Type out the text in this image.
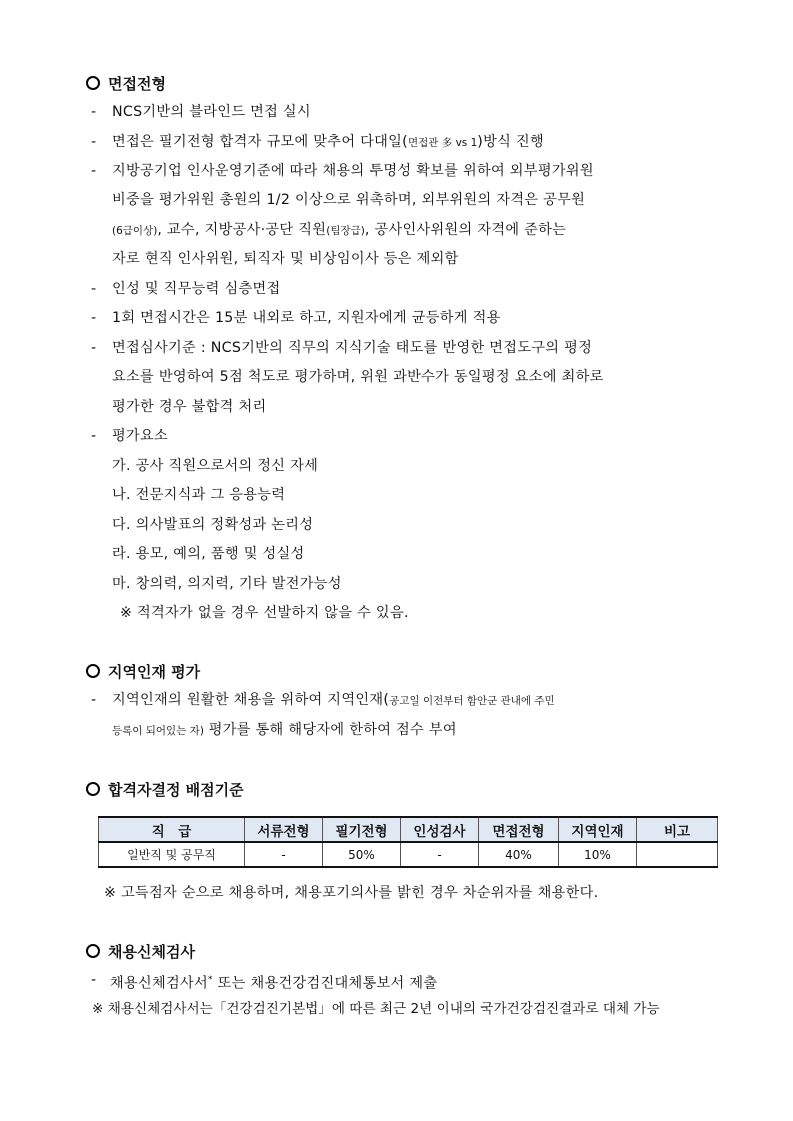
면접전형
- NCS기반의 블라인드 면접 실시
- 면접은 필기전형 합격자 규모에 맞추어 다대일(면접관 多 vs 1)방식 진행
- 지방공기업 인사운영기준에 따라 채용의 투명성 확보를 위하여 외부평가위원
비중을 평가위원 총원의 1/2 이상으로 위촉하며, 외부위원의 자격은 공무원
(6급이상), 교수, 지방공사·공단 직원(팀장급), 공사인사위원의 자격에 준하는
자로 현직 인사위원, 퇴직자 및 비상임이사 등은 제외함
- 인성 및 직무능력 심층면접
- 1회 면접시간은 15분 내외로 하고, 지원자에게 균등하게 적용
- 면접심사기준 : NCS기반의 직무의 지식기술 태도를 반영한 면접도구의 평정
요소를 반영하여 5점 척도로 평가하며, 위원 과반수가 동일평정 요소에 최하로
평가한 경우 불합격 처리
- 평가요소
가. 공사 직원으로서의 정신 자세
나. 전문지식과 그 응용능력
다. 의사발표의 정확성과 논리성
라. 용모, 예의, 품행 및 성실성
마. 창의력, 의지력, 기타 발전가능성
※ 적격자가 없을 경우 선발하지 않을 수 있음.
지역인재 평가
- 지역인재의 원활한 채용을 위하여 지역인재(공고일 이전부터 함안군 관내에 주민
등록이 되어있는 자) 평가를 통해 해당자에 한하여 점수 부여
합격자결정 배점기준
직　급	서류전형	필기전형	인성검사	면접전형	지역인재	비고
일반직 및 공무직	-	50%	-	40%	10%	
※ 고득점자 순으로 채용하며, 채용포기의사를 밝힌 경우 차순위자를 채용한다.
채용신체검사
- 채용신체검사서* 또는 채용건강검진대체통보서 제출
※ 채용신체검사서는「건강검진기본법」에 따른 최근 2년 이내의 국가건강검진결과로 대체 가능
